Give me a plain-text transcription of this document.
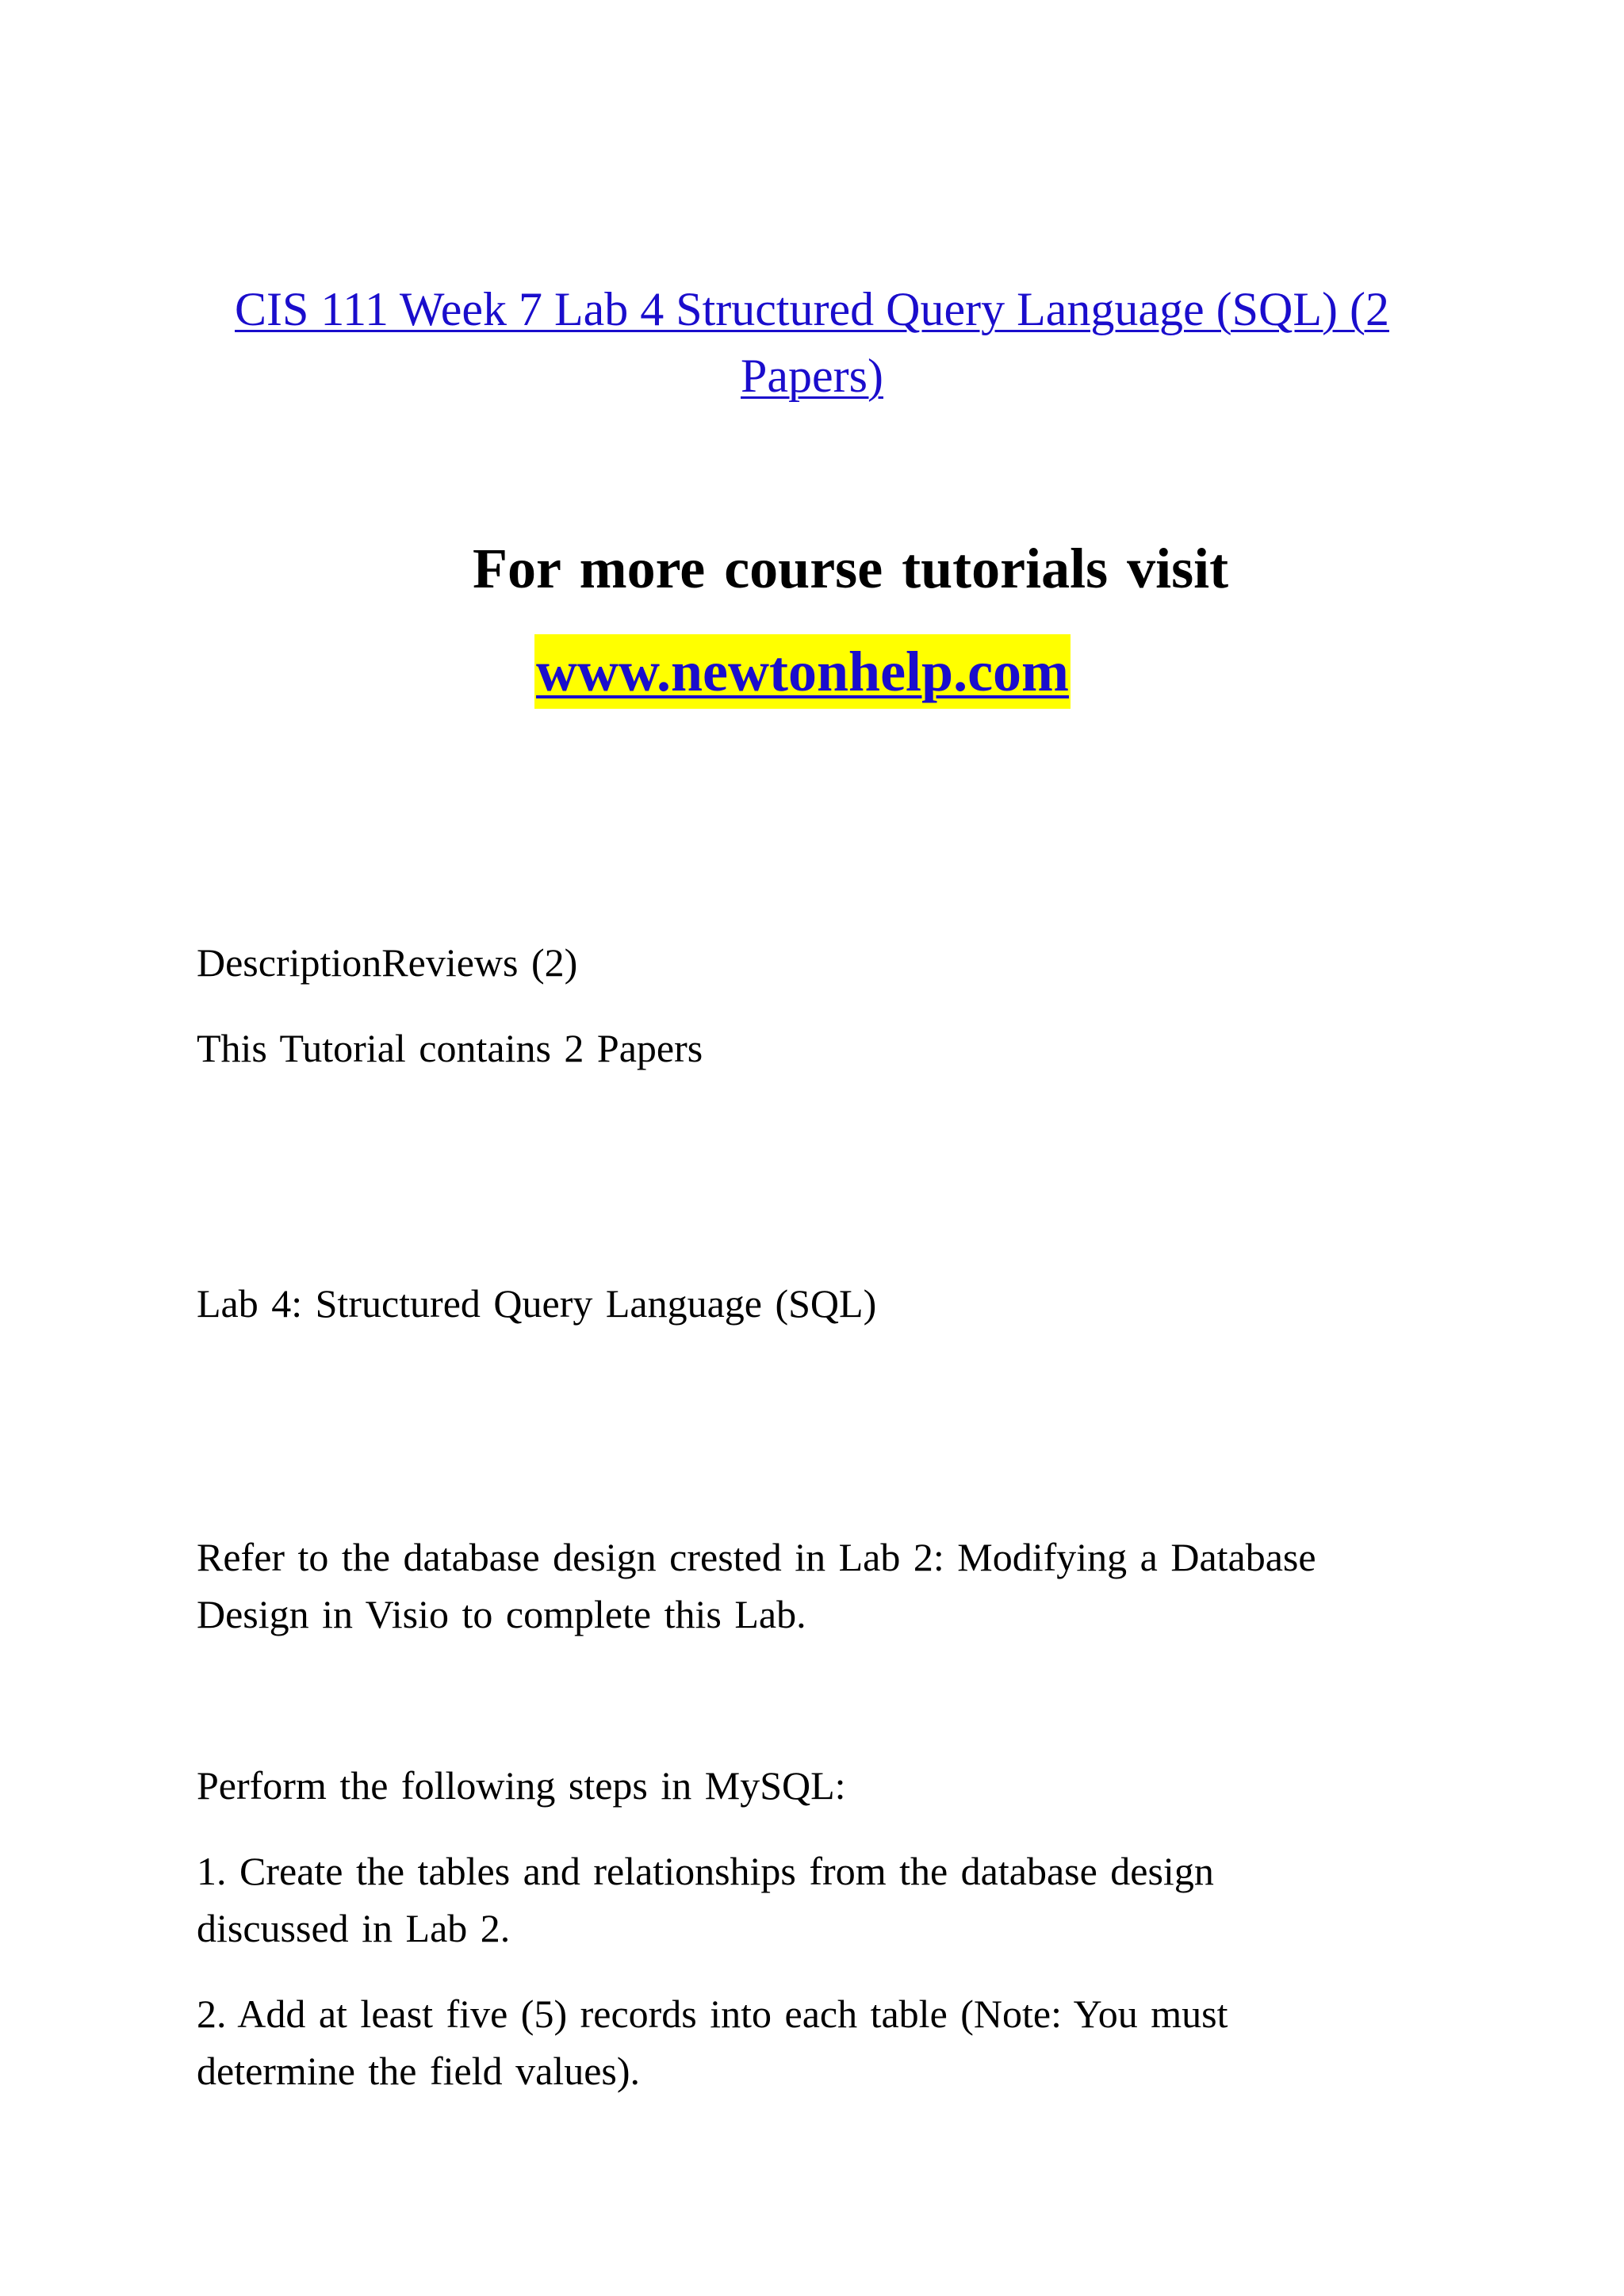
CIS 111 Week 7 Lab 4 Structured Query Language (SQL) (2 Papers)
For more course tutorials visit
www.newtonhelp.com
DescriptionReviews (2)
This Tutorial contains 2 Papers
Lab 4: Structured Query Language (SQL)
Refer to the database design crested in Lab 2: Modifying a Database
Design in Visio to complete this Lab.
Perform the following steps in MySQL:
1. Create the tables and relationships from the database design
discussed in Lab 2.
2. Add at least five (5) records into each table (Note: You must
determine the field values).
